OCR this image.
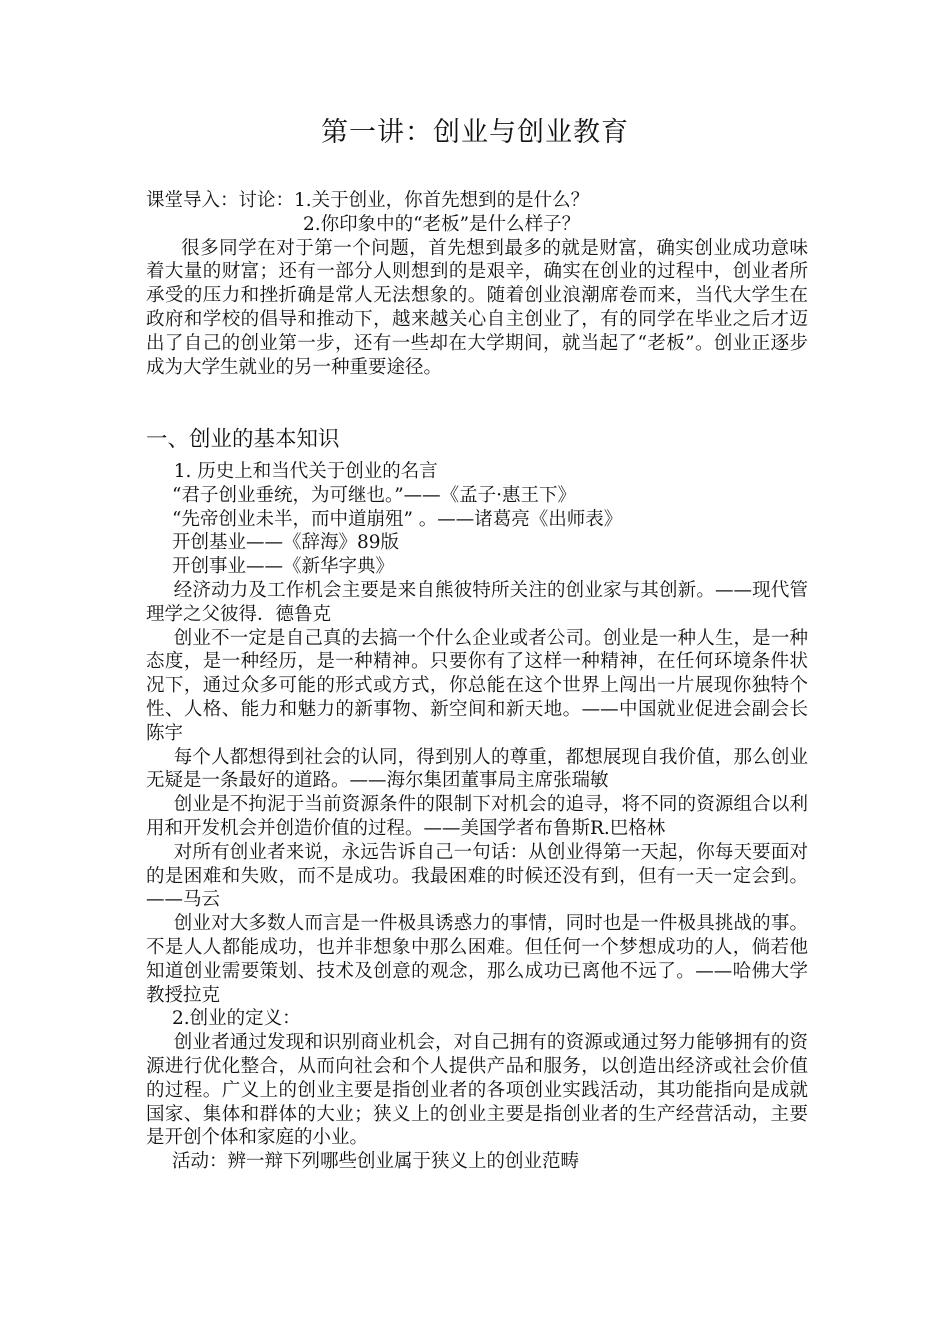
第一讲：创业与创业教育

课堂导入：讨论：1.关于创业，你首先想到的是什么？

2.你印象中的“老板”是什么样子？

很多同学在对于第一个问题，首先想到最多的就是财富，确实创业成功意味着大量的财富；还有一部分人则想到的是艰辛，确实在创业的过程中，创业者所承受的压力和挫折确是常人无法想象的。随着创业浪潮席卷而来，当代大学生在政府和学校的倡导和推动下，越来越关心自主创业了，有的同学在毕业之后才迈出了自己的创业第一步，还有一些却在大学期间，就当起了“老板”。创业正逐步成为大学生就业的另一种重要途径。

一、创业的基本知识

1. 历史上和当代关于创业的名言

“君子创业垂统，为可继也。”——《孟子·惠王下》

“先帝创业未半，而中道崩殂” 。——诸葛亮《出师表》

开创基业——《辞海》89版

开创事业——《新华字典》

经济动力及工作机会主要是来自熊彼特所关注的创业家与其创新。——现代管理学之父彼得．德鲁克

创业不一定是自己真的去搞一个什么企业或者公司。创业是一种人生，是一种态度，是一种经历，是一种精神。只要你有了这样一种精神，在任何环境条件状况下，通过众多可能的形式或方式，你总能在这个世界上闯出一片展现你独特个性、人格、能力和魅力的新事物、新空间和新天地。——中国就业促进会副会长陈宇

每个人都想得到社会的认同，得到别人的尊重，都想展现自我价值，那么创业无疑是一条最好的道路。——海尔集团董事局主席张瑞敏

创业是不拘泥于当前资源条件的限制下对机会的追寻，将不同的资源组合以利用和开发机会并创造价值的过程。——美国学者布鲁斯R.巴格林

对所有创业者来说，永远告诉自己一句话：从创业得第一天起，你每天要面对的是困难和失败，而不是成功。我最困难的时候还没有到，但有一天一定会到。——马云

创业对大多数人而言是一件极具诱惑力的事情，同时也是一件极具挑战的事。不是人人都能成功，也并非想象中那么困难。但任何一个梦想成功的人，倘若他知道创业需要策划、技术及创意的观念，那么成功已离他不远了。——哈佛大学教授拉克

2.创业的定义：

创业者通过发现和识别商业机会，对自己拥有的资源或通过努力能够拥有的资源进行优化整合，从而向社会和个人提供产品和服务，以创造出经济或社会价值的过程。广义上的创业主要是指创业者的各项创业实践活动，其功能指向是成就国家、集体和群体的大业；狭义上的创业主要是指创业者的生产经营活动，主要是开创个体和家庭的小业。

活动：辨一辩下列哪些创业属于狭义上的创业范畴
